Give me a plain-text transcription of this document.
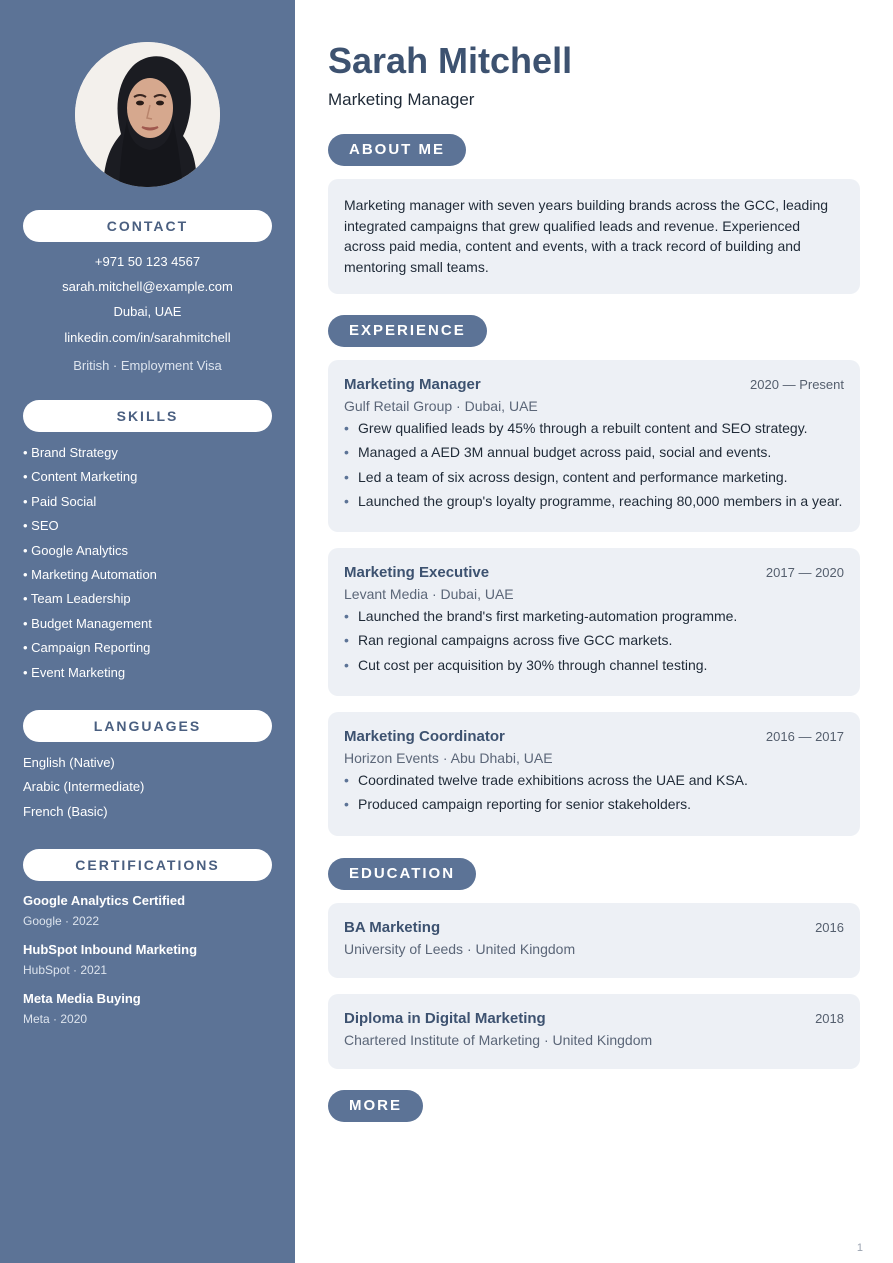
CONTACT
+971 50 123 4567
sarah.mitchell@example.com
Dubai, UAE
linkedin.com/in/sarahmitchell
British · Employment Visa
SKILLS
• Brand Strategy
• Content Marketing
• Paid Social
• SEO
• Google Analytics
• Marketing Automation
• Team Leadership
• Budget Management
• Campaign Reporting
• Event Marketing
LANGUAGES
English (Native)
Arabic (Intermediate)
French (Basic)
CERTIFICATIONS
Google Analytics Certified
Google · 2022
HubSpot Inbound Marketing
HubSpot · 2021
Meta Media Buying
Meta · 2020
Sarah Mitchell
Marketing Manager
ABOUT ME
Marketing manager with seven years building brands across the GCC, leading integrated campaigns that grew qualified leads and revenue. Experienced across paid media, content and events, with a track record of building and mentoring small teams.
EXPERIENCE
Marketing Manager	2020 — Present
Gulf Retail Group · Dubai, UAE
• Grew qualified leads by 45% through a rebuilt content and SEO strategy.
• Managed a AED 3M annual budget across paid, social and events.
• Led a team of six across design, content and performance marketing.
• Launched the group's loyalty programme, reaching 80,000 members in a year.
Marketing Executive	2017 — 2020
Levant Media · Dubai, UAE
• Launched the brand's first marketing-automation programme.
• Ran regional campaigns across five GCC markets.
• Cut cost per acquisition by 30% through channel testing.
Marketing Coordinator	2016 — 2017
Horizon Events · Abu Dhabi, UAE
• Coordinated twelve trade exhibitions across the UAE and KSA.
• Produced campaign reporting for senior stakeholders.
EDUCATION
BA Marketing	2016
University of Leeds · United Kingdom
Diploma in Digital Marketing	2018
Chartered Institute of Marketing · United Kingdom
MORE
1
